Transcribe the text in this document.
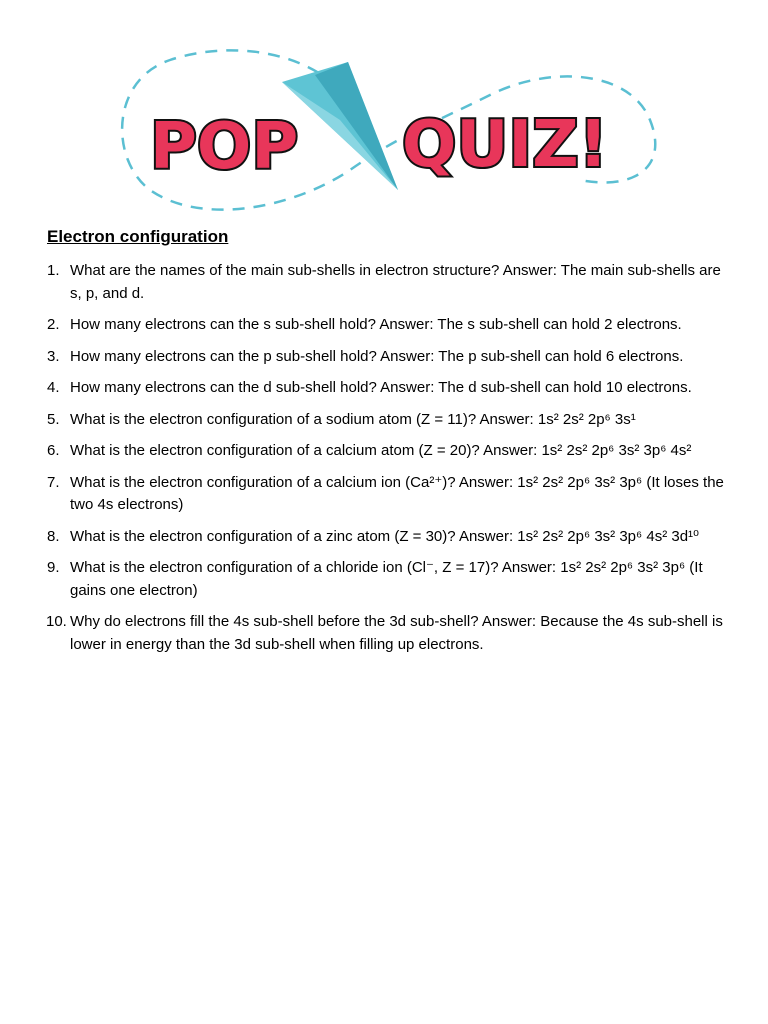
POP QUIZ!
Electron configuration
1. What are the names of the main sub-shells in electron structure? Answer: The main sub-shells are s, p, and d.
2. How many electrons can the s sub-shell hold? Answer: The s sub-shell can hold 2 electrons.
3. How many electrons can the p sub-shell hold? Answer: The p sub-shell can hold 6 electrons.
4. How many electrons can the d sub-shell hold? Answer: The d sub-shell can hold 10 electrons.
5. What is the electron configuration of a sodium atom (Z = 11)? Answer: 1s² 2s² 2p⁶ 3s¹
6. What is the electron configuration of a calcium atom (Z = 20)? Answer: 1s² 2s² 2p⁶ 3s² 3p⁶ 4s²
7. What is the electron configuration of a calcium ion (Ca²⁺)? Answer: 1s² 2s² 2p⁶ 3s² 3p⁶ (It loses the two 4s electrons)
8. What is the electron configuration of a zinc atom (Z = 30)? Answer: 1s² 2s² 2p⁶ 3s² 3p⁶ 4s² 3d¹⁰
9. What is the electron configuration of a chloride ion (Cl⁻, Z = 17)? Answer: 1s² 2s² 2p⁶ 3s² 3p⁶ (It gains one electron)
10. Why do electrons fill the 4s sub-shell before the 3d sub-shell? Answer: Because the 4s sub-shell is lower in energy than the 3d sub-shell when filling up electrons.
